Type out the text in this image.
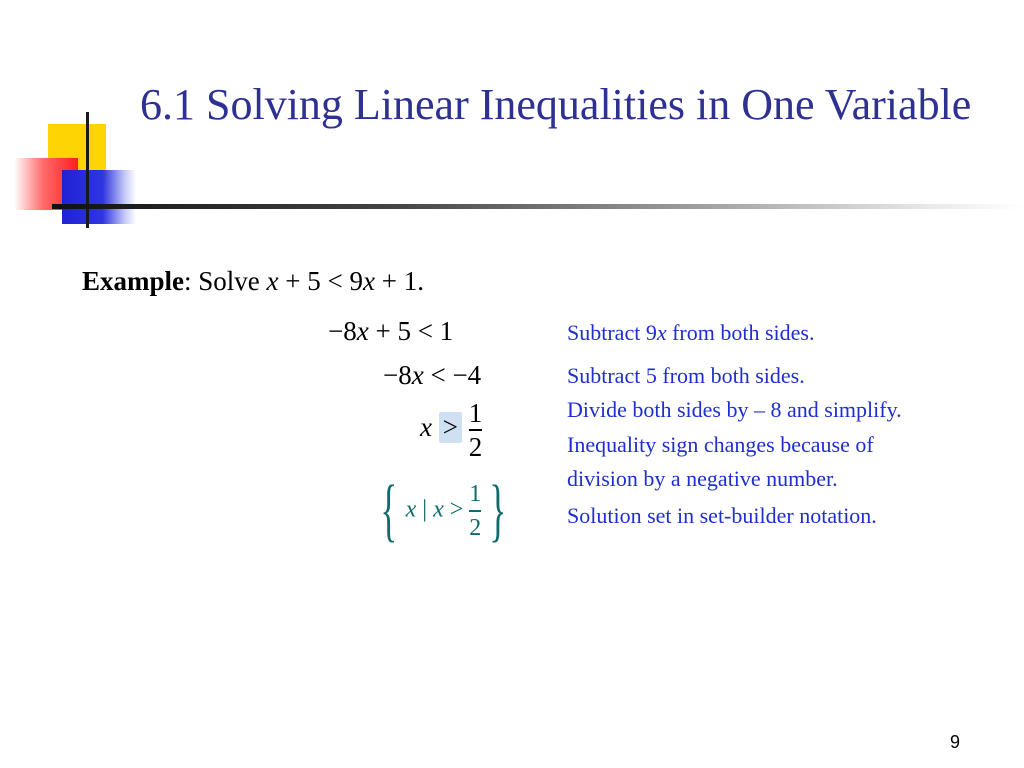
6.1 Solving Linear Inequalities in One Variable
Example: Solve x + 5 < 9x + 1.
−8x + 5 < 1
−8x < −4
$x > \frac{1}{2}$
{ x | $x > \frac{1}{2}$ }
Subtract 9x from both sides.
Subtract 5 from both sides.
Divide both sides by – 8 and simplify.
Inequality sign changes because of
division by a negative number.
Solution set in set-builder notation.
9
